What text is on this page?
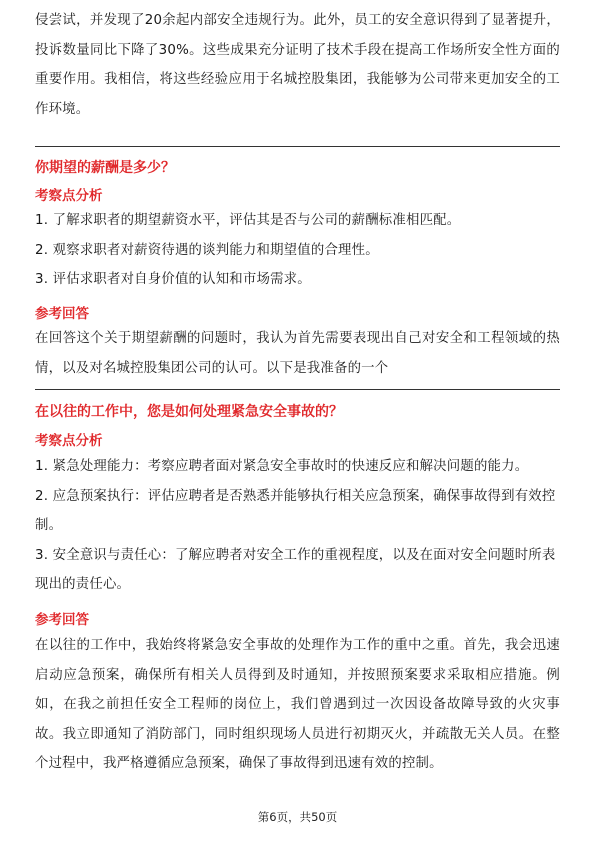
侵尝试，并发现了20余起内部安全违规行为。此外，员工的安全意识得到了显著提升，投诉数量同比下降了30%。这些成果充分证明了技术手段在提高工作场所安全性方面的重要作用。我相信，将这些经验应用于名城控股集团，我能够为公司带来更加安全的工作环境。

你期望的薪酬是多少？

考察点分析

1. 了解求职者的期望薪资水平，评估其是否与公司的薪酬标准相匹配。

2. 观察求职者对薪资待遇的谈判能力和期望值的合理性。

3. 评估求职者对自身价值的认知和市场需求。

参考回答

在回答这个关于期望薪酬的问题时，我认为首先需要表现出自己对安全和工程领域的热情，以及对名城控股集团公司的认可。以下是我准备的一个

在以往的工作中，您是如何处理紧急安全事故的？

考察点分析

1. 紧急处理能力：考察应聘者面对紧急安全事故时的快速反应和解决问题的能力。

2. 应急预案执行：评估应聘者是否熟悉并能够执行相关应急预案，确保事故得到有效控制。

3. 安全意识与责任心：了解应聘者对安全工作的重视程度，以及在面对安全问题时所表现出的责任心。

参考回答

在以往的工作中，我始终将紧急安全事故的处理作为工作的重中之重。首先，我会迅速启动应急预案，确保所有相关人员得到及时通知，并按照预案要求采取相应措施。例如，在我之前担任安全工程师的岗位上，我们曾遇到过一次因设备故障导致的火灾事故。我立即通知了消防部门，同时组织现场人员进行初期灭火，并疏散无关人员。在整个过程中，我严格遵循应急预案，确保了事故得到迅速有效的控制。

第6页，共50页
